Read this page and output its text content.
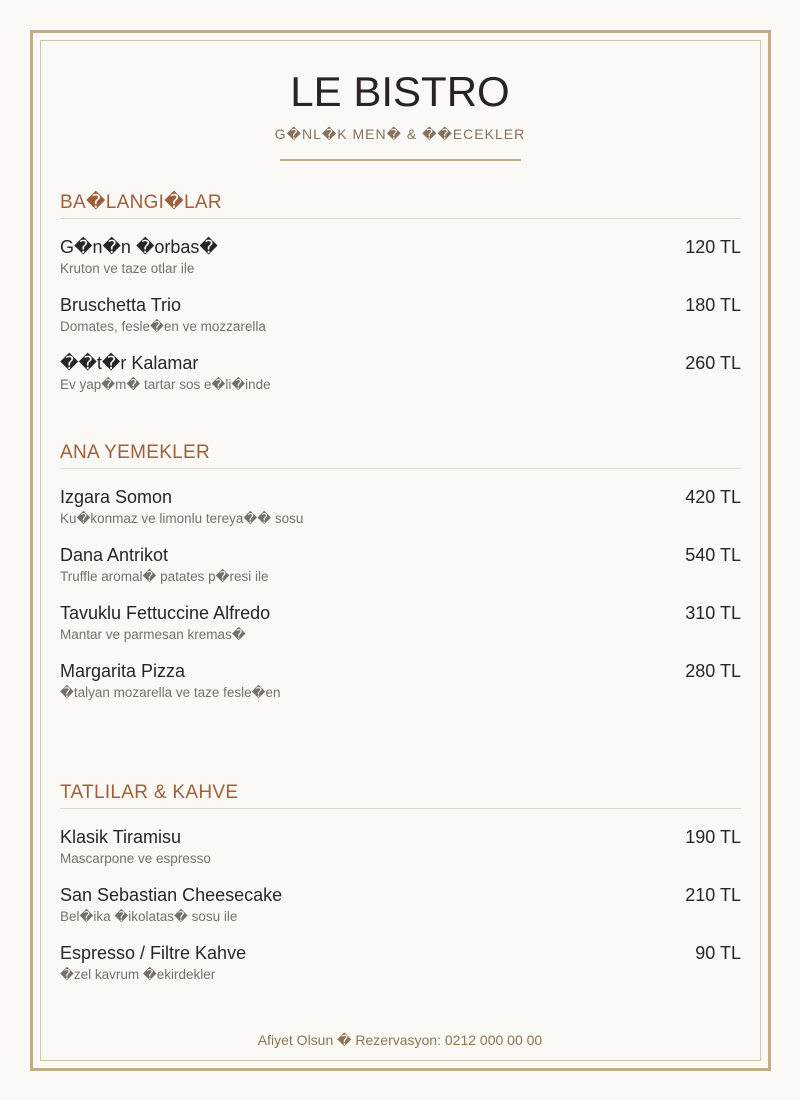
LE BISTRO
G�NL�K MEN� & ��ECEKLER
BA�LANGI�LAR
G�n�n �orbas�
Kruton ve taze otlar ile
120 TL
Bruschetta Trio
Domates, fesle�en ve mozzarella
180 TL
��t�r Kalamar
Ev yap�m� tartar sos e�li�inde
260 TL
ANA YEMEKLER
Izgara Somon
Ku�konmaz ve limonlu tereya�� sosu
420 TL
Dana Antrikot
Truffle aromal� patates p�resi ile
540 TL
Tavuklu Fettuccine Alfredo
Mantar ve parmesan kremas�
310 TL
Margarita Pizza
�talyan mozarella ve taze fesle�en
280 TL
TATLILAR & KAHVE
Klasik Tiramisu
Mascarpone ve espresso
190 TL
San Sebastian Cheesecake
Bel�ika �ikolatas� sosu ile
210 TL
Espresso / Filtre Kahve
�zel kavrum �ekirdekler
90 TL
Afiyet Olsun � Rezervasyon: 0212 000 00 00
